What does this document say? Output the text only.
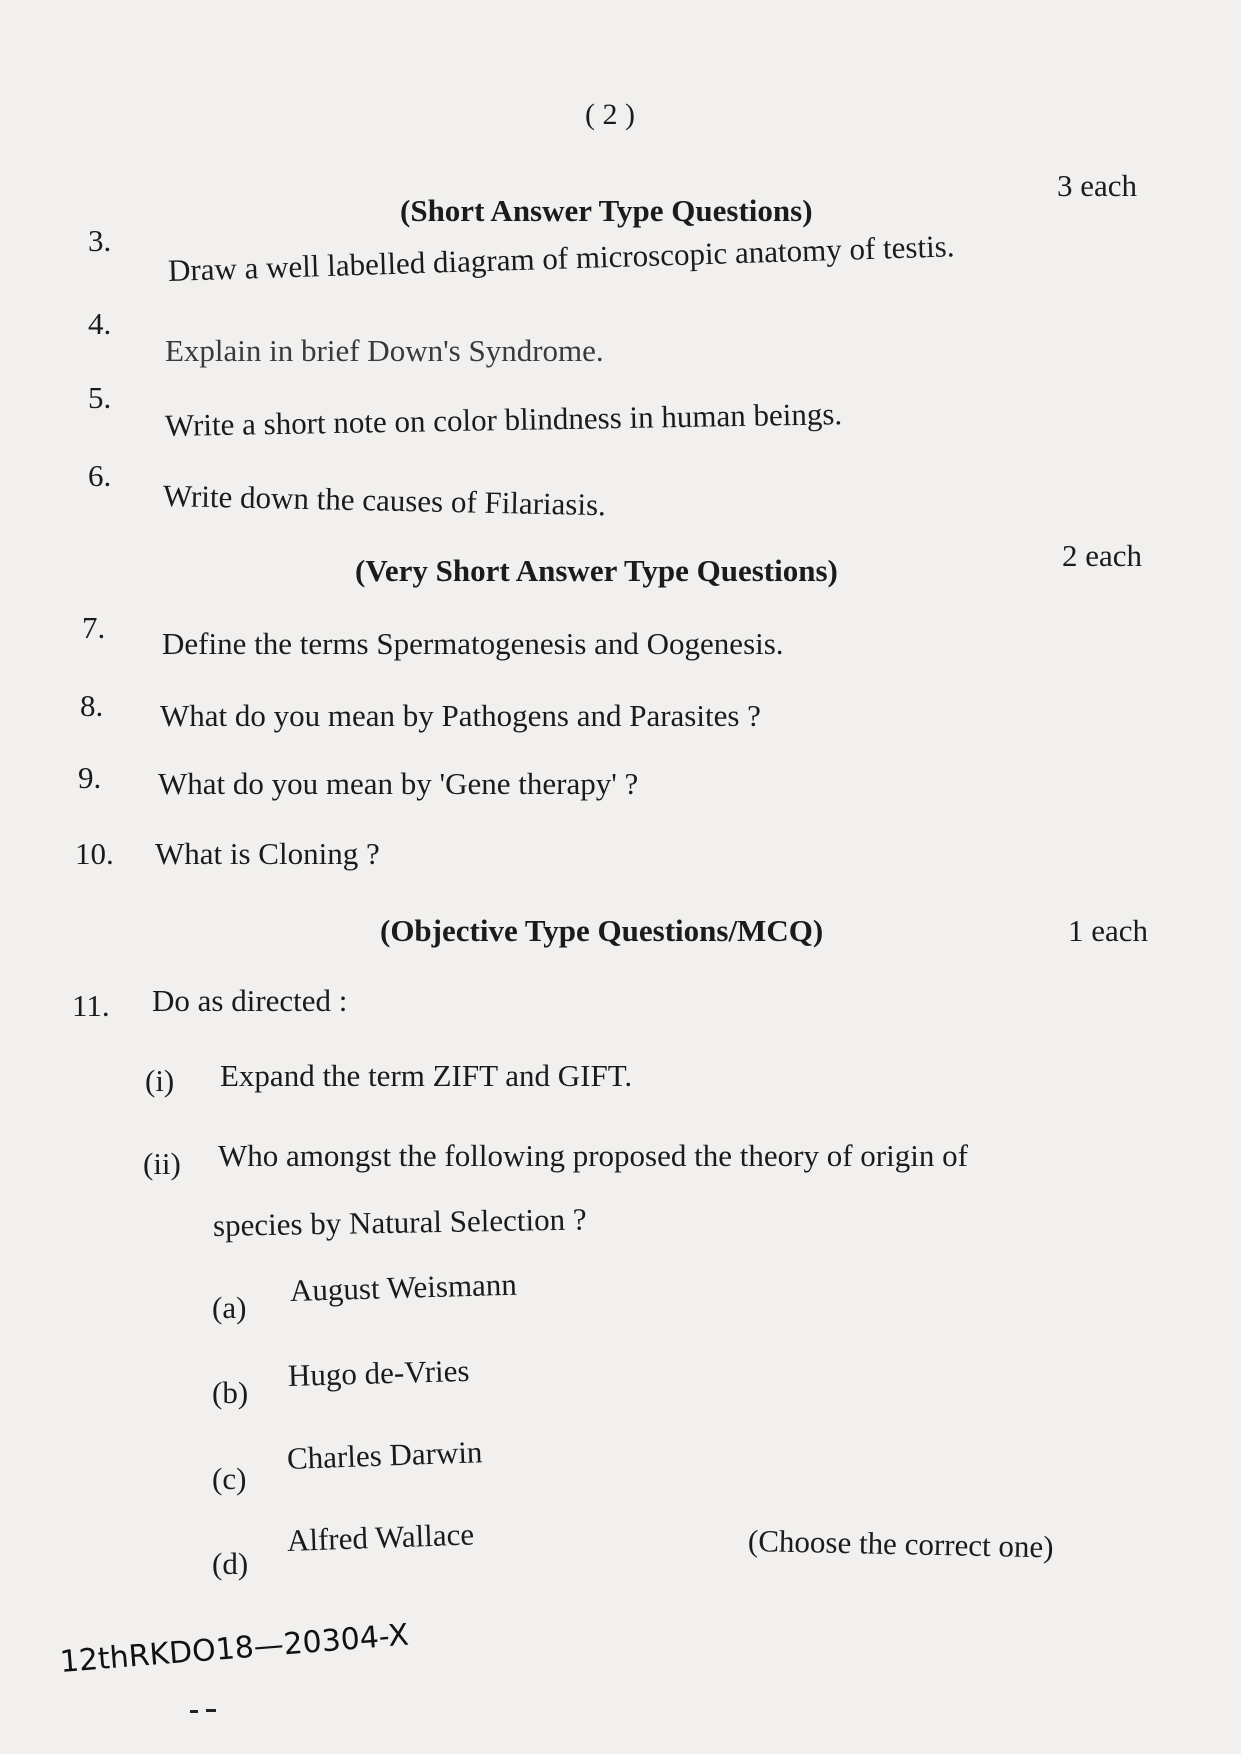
( 2 )
(Short Answer Type Questions)
3 each
3. Draw a well labelled diagram of microscopic anatomy of testis.
4.
Explain in brief Down's Syndrome.
5. Write a short note on color blindness in human beings.
6.
Write down the causes of Filariasis.
(Very Short Answer Type Questions)	2 each
7. Define the terms Spermatogenesis and Oogenesis.
8. What do you mean by Pathogens and Parasites ?
9. What do you mean by 'Gene therapy' ?
10. What is Cloning ?
(Objective Type Questions/MCQ)	1 each
11. Do as directed :
(i) Expand the term ZIFT and GIFT.
(ii) Who amongst the following proposed the theory of origin of
species by Natural Selection ?
(a) August Weismann
(b) Hugo de-Vries
(c)
Charles Darwin
(d)
Alfred Wallace	(Choose the correct one)
12thRKDO18—20304-X
